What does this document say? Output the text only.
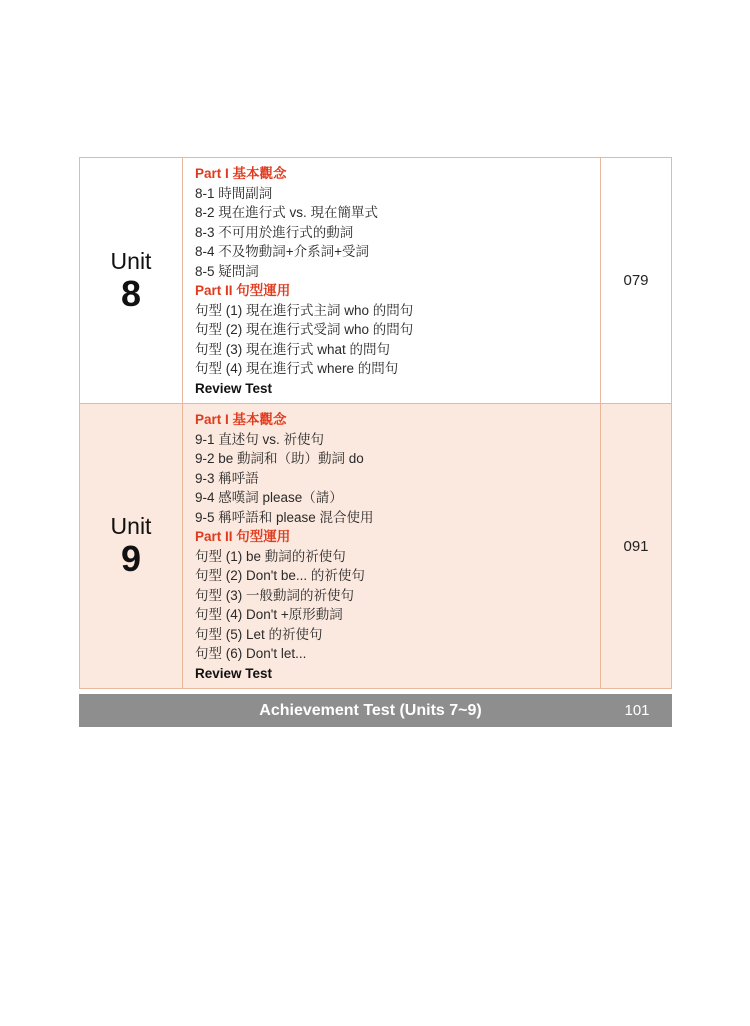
Unit
8
Part I 基本觀念
8-1 時間副詞
8-2 現在進行式 vs. 現在簡單式
8-3 不可用於進行式的動詞
8-4 不及物動詞+介系詞+受詞
8-5 疑問詞
Part II 句型運用
句型 (1) 現在進行式主詞 who 的問句
句型 (2) 現在進行式受詞 who 的問句
句型 (3) 現在進行式 what 的問句
句型 (4) 現在進行式 where 的問句
Review Test
079
Unit
9
Part I 基本觀念
9-1 直述句 vs. 祈使句
9-2 be 動詞和（助）動詞 do
9-3 稱呼語
9-4 感嘆詞 please（請）
9-5 稱呼語和 please 混合使用
Part II 句型運用
句型 (1) be 動詞的祈使句
句型 (2) Don't be... 的祈使句
句型 (3) 一般動詞的祈使句
句型 (4) Don't +原形動詞
句型 (5) Let 的祈使句
句型 (6) Don't let...
Review Test
091
Achievement Test (Units 7~9)	101
